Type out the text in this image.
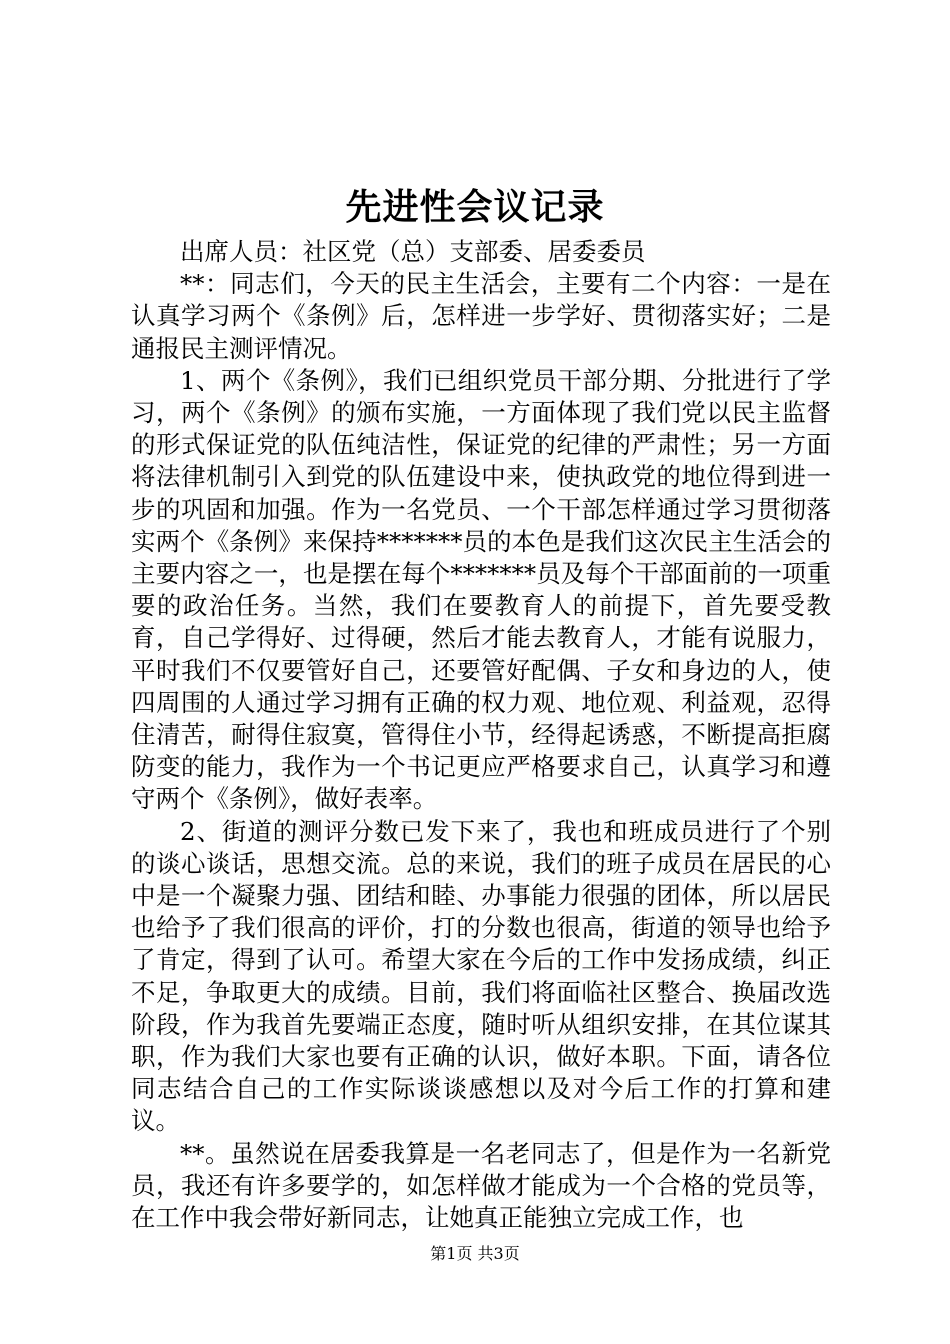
先进性会议记录

出席人员：社区党（总）支部委、居委委员

**：同志们，今天的民主生活会，主要有二个内容：一是在认真学习两个《条例》后，怎样进一步学好、贯彻落实好；二是通报民主测评情况。

1、两个《条例》，我们已组织党员干部分期、分批进行了学习，两个《条例》的颁布实施，一方面体现了我们党以民主监督的形式保证党的队伍纯洁性，保证党的纪律的严肃性；另一方面将法律机制引入到党的队伍建设中来，使执政党的地位得到进一步的巩固和加强。作为一名党员、一个干部怎样通过学习贯彻落实两个《条例》来保持*******员的本色是我们这次民主生活会的主要内容之一，也是摆在每个*******员及每个干部面前的一项重要的政治任务。当然，我们在要教育人的前提下，首先要受教育，自己学得好、过得硬，然后才能去教育人，才能有说服力，平时我们不仅要管好自己，还要管好配偶、子女和身边的人，使四周围的人通过学习拥有正确的权力观、地位观、利益观，忍得住清苦，耐得住寂寞，管得住小节，经得起诱惑，不断提高拒腐防变的能力，我作为一个书记更应严格要求自己，认真学习和遵守两个《条例》，做好表率。

2、街道的测评分数已发下来了，我也和班成员进行了个别的谈心谈话，思想交流。总的来说，我们的班子成员在居民的心中是一个凝聚力强、团结和睦、办事能力很强的团体，所以居民也给予了我们很高的评价，打的分数也很高，街道的领导也给予了肯定，得到了认可。希望大家在今后的工作中发扬成绩，纠正不足，争取更大的成绩。目前，我们将面临社区整合、换届改选阶段，作为我首先要端正态度，随时听从组织安排，在其位谋其职，作为我们大家也要有正确的认识，做好本职。下面，请各位同志结合自己的工作实际谈谈感想以及对今后工作的打算和建议。

**。虽然说在居委我算是一名老同志了，但是作为一名新党员，我还有许多要学的，如怎样做才能成为一个合格的党员等，在工作中我会带好新同志，让她真正能独立完成工作，也

第1页 共3页
